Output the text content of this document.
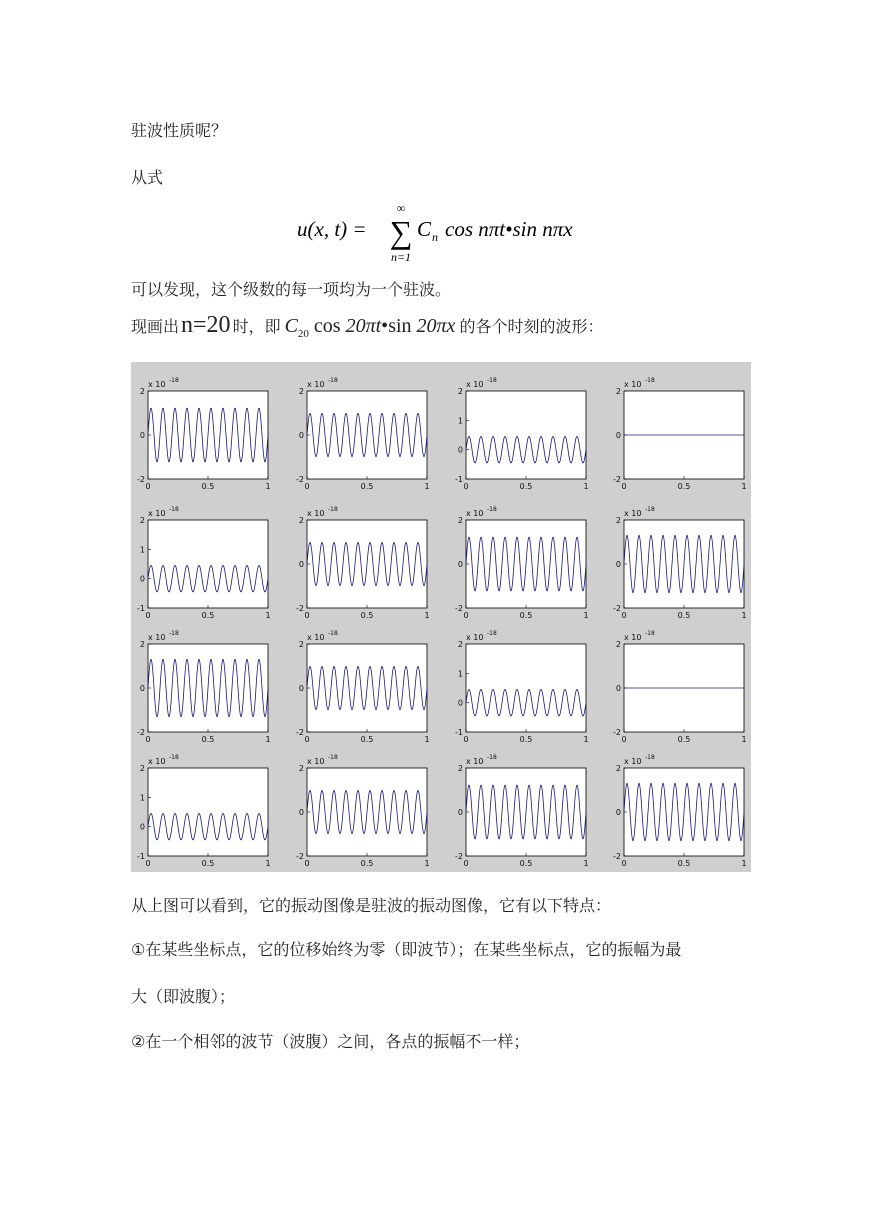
驻波性质呢？
从式
u(x, t) =
∞
∑
n=1
C n cos nπt•sin nπx
可以发现，这个级数的每一项均为一个驻波。
现画出 n=20 时，即 $C_{20}$ cos 20πt•sin 20πx 的各个时刻的波形：
2
0
-2
0	0.5	1
x 10 -18
2
0
-2
0	0.5	1
x 10 -18
2
1
0
-1
0	0.5	1
x 10 -18
2
0
-2
0	0.5	1
x 10 -18
2
1
0
-1
0	0.5	1
x 10 -18
2
0
-2
0	0.5	1
x 10 -18
2
0
-2
0	0.5	1
x 10 -18
2
0
-2
0	0.5	1
x 10 -18
2
0
-2
0	0.5	1
x 10 -18
2
0
-2
0	0.5	1
x 10 -18
2
1
0
-1
0	0.5	1
x 10 -18
2
0
-2
0	0.5	1
x 10 -18
2
1
0
-1
0	0.5	1
x 10 -18
2
0
-2
0	0.5	1
x 10 -18
2
0
-2
0	0.5	1
x 10 -18
2
0
-2
0	0.5	1
x 10 -18
从上图可以看到，它的振动图像是驻波的振动图像，它有以下特点：
①在某些坐标点，它的位移始终为零（即波节）；在某些坐标点，它的振幅为最
大（即波腹）；
②在一个相邻的波节（波腹）之间，各点的振幅不一样；
